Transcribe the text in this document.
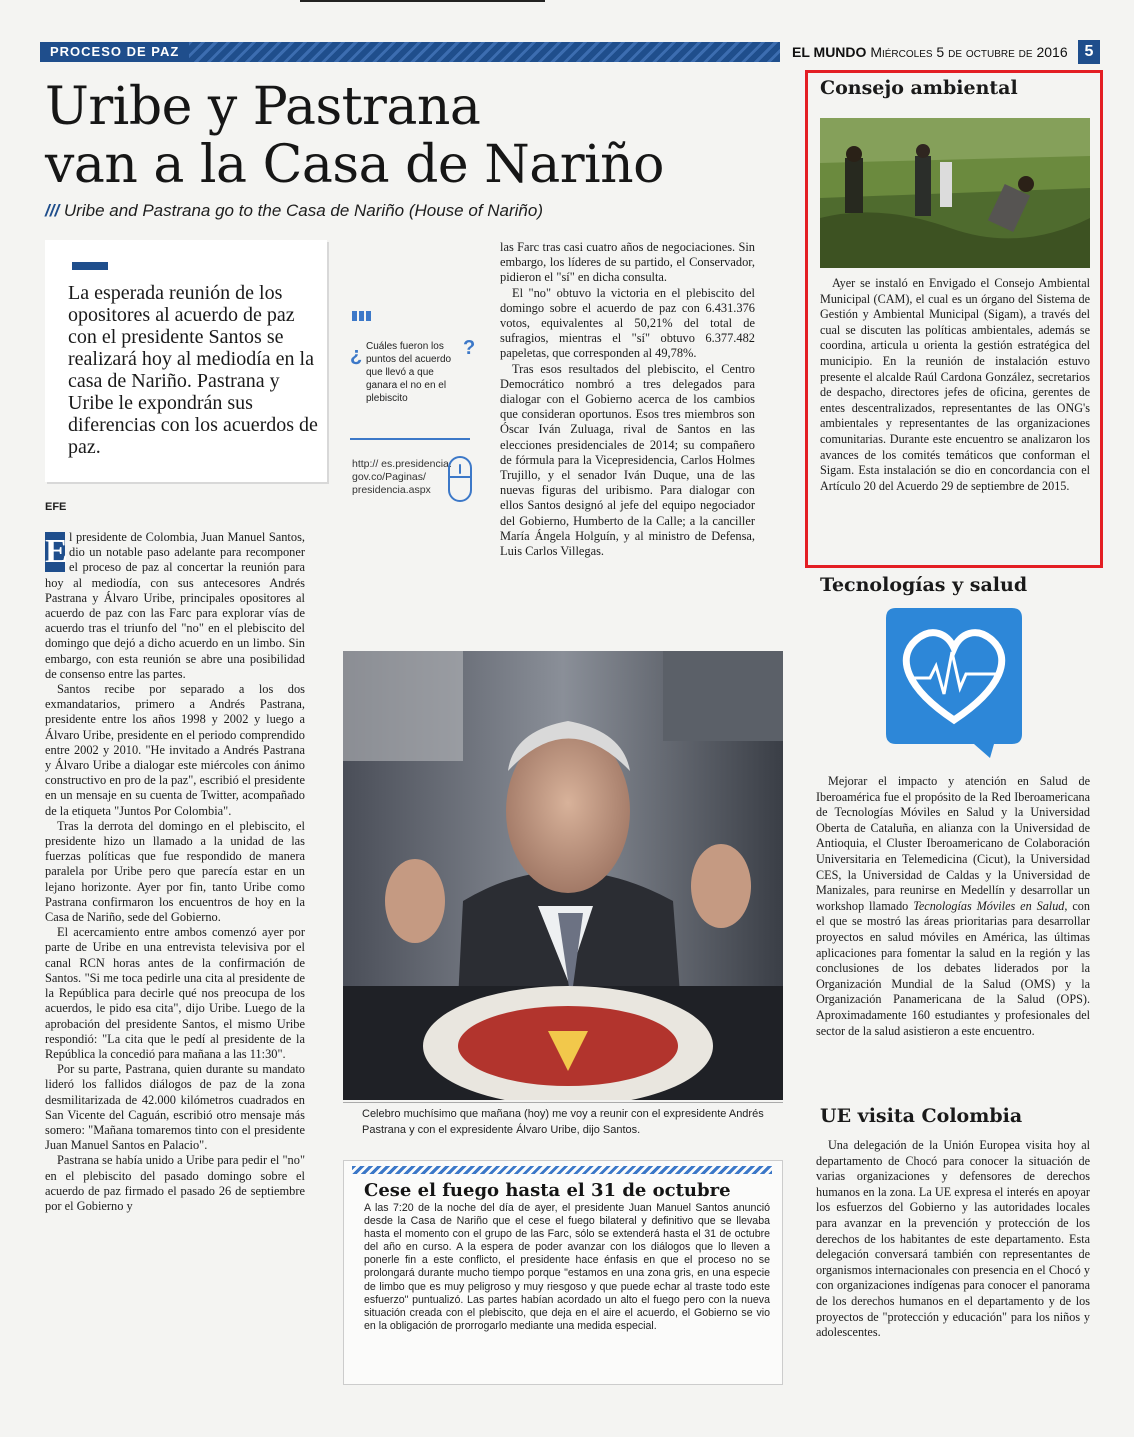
PROCESO DE PAZ	EL MUNDO Miércoles 5 de octubre de 2016	5
Uribe y Pastrana
van a la Casa de Nariño
/// Uribe and Pastrana go to the Casa de Nariño (House of Nariño)
La esperada reunión de los opositores al acuerdo de paz con el presidente Santos se realizará hoy al mediodía en la casa de Nariño. Pastrana y Uribe le expondrán sus diferencias con los acuerdos de paz.
EFE

E l presidente de Colombia, Juan Manuel Santos, dio un notable paso adelante para recomponer el proceso de paz al concertar la reunión para hoy al mediodía, con sus antecesores Andrés Pastrana y Álvaro Uribe, principales opositores al acuerdo de paz con las Farc para explorar vías de acuerdo tras el triunfo del "no" en el plebiscito del domingo que dejó a dicho acuerdo en un limbo. Sin embargo, con esta reunión se abre una posibilidad de consenso entre las partes.

Santos recibe por separado a los dos exmandatarios, primero a Andrés Pastrana, presidente entre los años 1998 y 2002 y luego a Álvaro Uribe, presidente en el periodo comprendido entre 2002 y 2010. "He invitado a Andrés Pastrana y Álvaro Uribe a dialogar este miércoles con ánimo constructivo en pro de la paz", escribió el presidente en un mensaje en su cuenta de Twitter, acompañado de la etiqueta "Juntos Por Colombia".

Tras la derrota del domingo en el plebiscito, el presidente hizo un llamado a la unidad de las fuerzas políticas que fue respondido de manera paralela por Uribe pero que parecía estar en un lejano horizonte. Ayer por fin, tanto Uribe como Pastrana confirmaron los encuentros de hoy en la Casa de Nariño, sede del Gobierno.

El acercamiento entre ambos comenzó ayer por parte de Uribe en una entrevista televisiva por el canal RCN horas antes de la confirmación de Santos. "Si me toca pedirle una cita al presidente de la República para decirle qué nos preocupa de los acuerdos, le pido esa cita", dijo Uribe. Luego de la aprobación del presidente Santos, el mismo Uribe respondió: "La cita que le pedí al presidente de la República la concedió para mañana a las 11:30".

Por su parte, Pastrana, quien durante su mandato lideró los fallidos diálogos de paz de la zona desmilitarizada de 42.000 kilómetros cuadrados en San Vicente del Caguán, escribió otro mensaje más somero: "Mañana tomaremos tinto con el presidente Juan Manuel Santos en Palacio".

Pastrana se había unido a Uribe para pedir el "no" en el plebiscito del pasado domingo sobre el acuerdo de paz firmado el pasado 26 de septiembre por el Gobierno y

¿	?
Cuáles fueron los puntos del acuerdo que llevó a que ganara el no en el plebiscito
http:// es.presidencia. gov.co/Paginas/ presidencia.aspx

las Farc tras casi cuatro años de negociaciones. Sin embargo, los líderes de su partido, el Conservador, pidieron el "sí" en dicha consulta.

El "no" obtuvo la victoria en el plebiscito del domingo sobre el acuerdo de paz con 6.431.376 votos, equivalentes al 50,21% del total de sufragios, mientras el "sí" obtuvo 6.377.482 papeletas, que corresponden al 49,78%.

Tras esos resultados del plebiscito, el Centro Democrático nombró a tres delegados para dialogar con el Gobierno acerca de los cambios que consideran oportunos. Esos tres miembros son Óscar Iván Zuluaga, rival de Santos en las elecciones presidenciales de 2014; su compañero de fórmula para la Vicepresidencia, Carlos Holmes Trujillo, y el senador Iván Duque, una de las nuevas figuras del uribismo. Para dialogar con ellos Santos designó al jefe del equipo negociador del Gobierno, Humberto de la Calle; a la canciller María Ángela Holguín, y al ministro de Defensa, Luis Carlos Villegas.

Celebro muchísimo que mañana (hoy) me voy a reunir con el expresidente Andrés Pastrana y con el expresidente Álvaro Uribe, dijo Santos.
Cese el fuego hasta el 31 de octubre
A las 7:20 de la noche del día de ayer, el presidente Juan Manuel Santos anunció desde la Casa de Nariño que el cese el fuego bilateral y definitivo que se llevaba hasta el momento con el grupo de las Farc, sólo se extenderá hasta el 31 de octubre del año en curso. A la espera de poder avanzar con los diálogos que lo lleven a ponerle fin a este conflicto, el presidente hace énfasis en que el proceso no se prolongará durante mucho tiempo porque "estamos en una zona gris, en una especie de limbo que es muy peligroso y muy riesgoso y que puede echar al traste todo este esfuerzo" puntualizó. Las partes habían acordado un alto el fuego pero con la nueva situación creada con el plebiscito, que deja en el aire el acuerdo, el Gobierno se vio en la obligación de prorrogarlo mediante una medida especial.
Consejo ambiental

Ayer se instaló en Envigado el Consejo Ambiental Municipal (CAM), el cual es un órgano del Sistema de Gestión y Ambiental Municipal (Sigam), a través del cual se discuten las políticas ambientales, además se coordina, articula u orienta la gestión estratégica del municipio. En la reunión de instalación estuvo presente el alcalde Raúl Cardona González, secretarios de despacho, directores jefes de oficina, gerentes de entes descentralizados, representantes de las ONG's ambientales y representantes de las organizaciones comunitarias. Durante este encuentro se analizaron los avances de los comités temáticos que conforman el Sigam. Esta instalación se dio en concordancia con el Artículo 20 del Acuerdo 29 de septiembre de 2015.

Tecnologías y salud

Mejorar el impacto y atención en Salud de Iberoamérica fue el propósito de la Red Iberoamericana de Tecnologías Móviles en Salud y la Universidad Oberta de Cataluña, en alianza con la Universidad de Antioquia, el Cluster Iberoamericano de Colaboración Universitaria en Telemedicina (Cicut), la Universidad CES, la Universidad de Caldas y la Universidad de Manizales, para reunirse en Medellín y desarrollar un workshop llamado Tecnologías Móviles en Salud, con el que se mostró las áreas prioritarias para desarrollar proyectos en salud móviles en América, las últimas aplicaciones para fomentar la salud en la región y las conclusiones de los debates liderados por la Organización Mundial de la Salud (OMS) y la Organización Panamericana de la Salud (OPS). Aproximadamente 160 estudiantes y profesionales del sector de la salud asistieron a este encuentro.

UE visita Colombia

Una delegación de la Unión Europea visita hoy al departamento de Chocó para conocer la situación de varias organizaciones y defensores de derechos humanos en la zona. La UE expresa el interés en apoyar los esfuerzos del Gobierno y las autoridades locales para avanzar en la prevención y protección de los derechos de los habitantes de este departamento. Esta delegación conversará también con representantes de organismos internacionales con presencia en el Chocó y con organizaciones indígenas para conocer el panorama de los derechos humanos en el departamento y de los proyectos de "protección y educación" para los niños y adolescentes.
